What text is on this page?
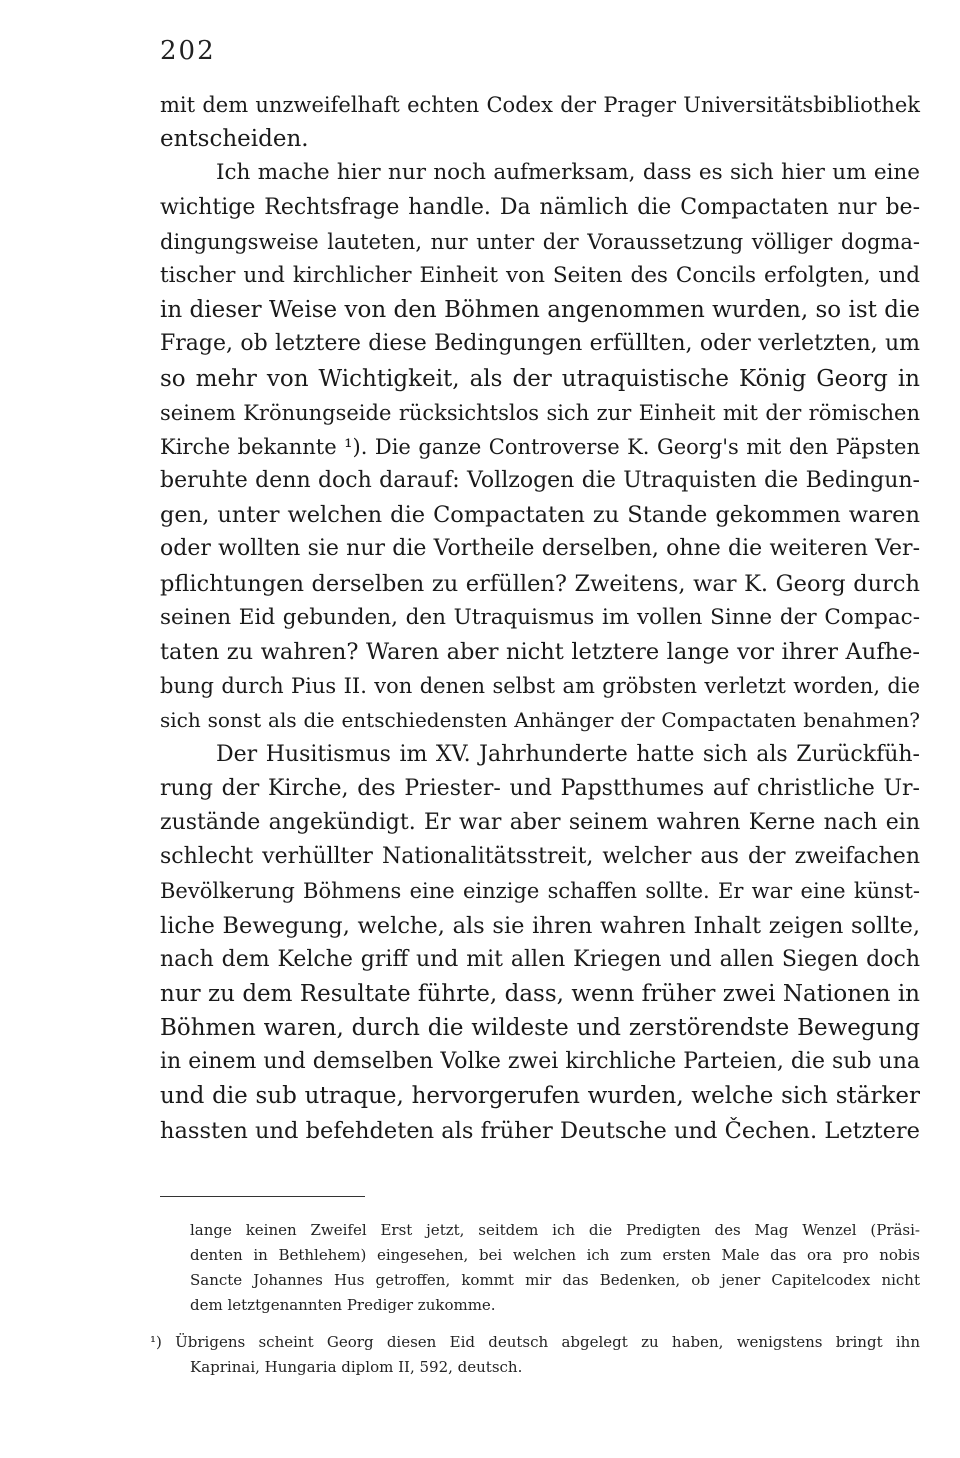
202
mit dem unzweifelhaft echten Codex der Prager Universitätsbibliothek
entscheiden.
Ich mache hier nur noch aufmerksam, dass es sich hier um eine
wichtige Rechtsfrage handle. Da nämlich die Compactaten nur be-
dingungsweise lauteten, nur unter der Voraussetzung völliger dogma-
tischer und kirchlicher Einheit von Seiten des Concils erfolgten, und
in dieser Weise von den Böhmen angenommen wurden, so ist die
Frage, ob letztere diese Bedingungen erfüllten, oder verletzten, um
so mehr von Wichtigkeit, als der utraquistische König Georg in
seinem Krönungseide rücksichtslos sich zur Einheit mit der römischen
Kirche bekannte ¹). Die ganze Controverse K. Georg's mit den Päpsten
beruhte denn doch darauf: Vollzogen die Utraquisten die Bedingun-
gen, unter welchen die Compactaten zu Stande gekommen waren
oder wollten sie nur die Vortheile derselben, ohne die weiteren Ver-
pflichtungen derselben zu erfüllen? Zweitens, war K. Georg durch
seinen Eid gebunden, den Utraquismus im vollen Sinne der Compac-
taten zu wahren? Waren aber nicht letztere lange vor ihrer Aufhe-
bung durch Pius II. von denen selbst am gröbsten verletzt worden, die
sich sonst als die entschiedensten Anhänger der Compactaten benahmen?
Der Husitismus im XV. Jahrhunderte hatte sich als Zurückfüh-
rung der Kirche, des Priester- und Papstthumes auf christliche Ur-
zustände angekündigt. Er war aber seinem wahren Kerne nach ein
schlecht verhüllter Nationalitätsstreit, welcher aus der zweifachen
Bevölkerung Böhmens eine einzige schaffen sollte. Er war eine künst-
liche Bewegung, welche, als sie ihren wahren Inhalt zeigen sollte,
nach dem Kelche griff und mit allen Kriegen und allen Siegen doch
nur zu dem Resultate führte, dass, wenn früher zwei Nationen in
Böhmen waren, durch die wildeste und zerstörendste Bewegung
in einem und demselben Volke zwei kirchliche Parteien, die sub una
und die sub utraque, hervorgerufen wurden, welche sich stärker
hassten und befehdeten als früher Deutsche und Čechen. Letztere
lange keinen Zweifel Erst jetzt, seitdem ich die Predigten des Mag Wenzel (Präsi-
denten in Bethlehem) eingesehen, bei welchen ich zum ersten Male das ora pro nobis
Sancte Johannes Hus getroffen, kommt mir das Bedenken, ob jener Capitelcodex nicht
dem letztgenannten Prediger zukomme.
¹) Übrigens scheint Georg diesen Eid deutsch abgelegt zu haben, wenigstens bringt ihn
Kaprinai, Hungaria diplom II, 592, deutsch.
